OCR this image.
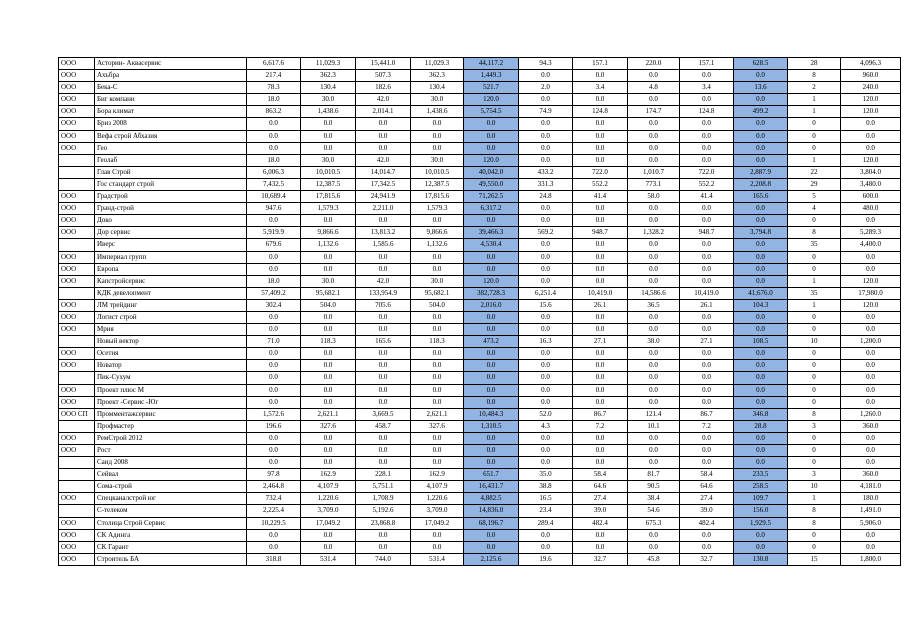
ООО	Асторин- Аквасервис	6,617.6	11,029.3	15,441.0	11,029.3	44,117.2	94.3	157.1	220.0	157.1	628.5	28	4,096.3
ООО	Ахъбра	217.4	362.3	507.3	362.3	1,449.3	0.0	0.0	0.0	0.0	0.0	8	960.0
ООО	Бека-С	78.3	130.4	182.6	130.4	521.7	2.0	3.4	4.8	3.4	13.6	2	240.0
ООО	Биг компани	18.0	30.0	42.0	30.0	120.0	0.0	0.0	0.0	0.0	0.0	1	120.0
ООО	Бора климат	863.2	1,438.6	2,014.1	1,438.6	5,754.5	74.9	124.8	174.7	124.8	499.2	1	120.0
ООО	Бриз 2008	0.0	0.0	0.0	0.0	0.0	0.0	0.0	0.0	0.0	0.0	0	0.0
ООО	Вефа строй Абхазия	0.0	0.0	0.0	0.0	0.0	0.0	0.0	0.0	0.0	0.0	0	0.0
ООО	Гео	0.0	0.0	0.0	0.0	0.0	0.0	0.0	0.0	0.0	0.0	0	0.0
	Геолаб	18.0	30.0	42.0	30.0	120.0	0.0	0.0	0.0	0.0	0.0	1	120.0
	Глав Строй	6,006.3	10,010.5	14,014.7	10,010.5	40,042.0	433.2	722.0	1,010.7	722.0	2,887.9	22	3,804.0
	Гос стандарт строй	7,432.5	12,387.5	17,342.5	12,387.5	49,550.0	331.3	552.2	773.1	552.2	2,208.8	29	3,480.0
ООО	Градстрой	10,689.4	17,815.6	24,941.9	17,815.6	71,262.5	24.8	41.4	58.0	41.4	165.6	5	600.0
ООО	Гранд-строй	947.6	1,579.3	2,211.0	1,579.3	6,317.2	0.0	0.0	0.0	0.0	0.0	4	480.0
ООО	Доко	0.0	0.0	0.0	0.0	0.0	0.0	0.0	0.0	0.0	0.0	0	0.0
ООО	Дор сервис	5,919.9	9,866.6	13,813.2	9,866.6	39,466.3	569.2	948.7	1,328.2	948.7	3,794.8	8	5,289.3
	Иверс	679.6	1,132.6	1,585.6	1,132.6	4,530.4	0.0	0.0	0.0	0.0	0.0	35	4,400.0
ООО	Империал групп	0.0	0.0	0.0	0.0	0.0	0.0	0.0	0.0	0.0	0.0	0	0.0
ООО	Европа	0.0	0.0	0.0	0.0	0.0	0.0	0.0	0.0	0.0	0.0	0	0.0
ООО	Капстройсервис	18.0	30.0	42.0	30.0	120.0	0.0	0.0	0.0	0.0	0.0	1	120.0
	КДК девелопмент	57,409.2	95,682.1	133,954.9	95,682.1	382,728.3	6,251.4	10,419.0	14,586.6	10,419.0	41,676.0	35	17,980.0
ООО	ЛМ трейдинг	302.4	504.0	705.6	504.0	2,016.0	15.6	26.1	36.5	26.1	104.3	1	120.0
ООО	Логист строй	0.0	0.0	0.0	0.0	0.0	0.0	0.0	0.0	0.0	0.0	0	0.0
ООО	Мрия	0.0	0.0	0.0	0.0	0.0	0.0	0.0	0.0	0.0	0.0	0	0.0
	Новый вектор	71.0	118.3	165.6	118.3	473.2	16.3	27.1	38.0	27.1	108.5	10	1,200.0
ООО	Осетия	0.0	0.0	0.0	0.0	0.0	0.0	0.0	0.0	0.0	0.0	0	0.0
ООО	Новатор	0.0	0.0	0.0	0.0	0.0	0.0	0.0	0.0	0.0	0.0	0	0.0
	Пик-Сухум	0.0	0.0	0.0	0.0	0.0	0.0	0.0	0.0	0.0	0.0	0	0.0
ООО	Проект плюс М	0.0	0.0	0.0	0.0	0.0	0.0	0.0	0.0	0.0	0.0	0	0.0
ООО	Проект -Сервис -Юг	0.0	0.0	0.0	0.0	0.0	0.0	0.0	0.0	0.0	0.0	0	0.0
ООО СП	Промментажсервис	1,572.6	2,621.1	3,669.5	2,621.1	10,484.3	52.0	86.7	121.4	86.7	346.8	8	1,260.0
	Профмастер	196.6	327.6	458.7	327.6	1,310.5	4.3	7.2	10.1	7.2	28.8	3	360.0
ООО	РемСтрой 2012	0.0	0.0	0.0	0.0	0.0	0.0	0.0	0.0	0.0	0.0	0	0.0
ООО	Рост	0.0	0.0	0.0	0.0	0.0	0.0	0.0	0.0	0.0	0.0	0	0.0
	Санд 2008	0.0	0.0	0.0	0.0	0.0	0.0	0.0	0.0	0.0	0.0	0	0.0
	Сейвал	97.8	162.9	228.1	162.9	651.7	35.0	58.4	81.7	58.4	233.5	3	360.0
	Сома-строй	2,464.8	4,107.9	5,751.1	4,107.9	16,431.7	38.8	64.6	90.5	64.6	258.5	10	4,181.0
ООО	Спецканалстрой юг	732.4	1,220.6	1,708.9	1,220.6	4,882.5	16.5	27.4	38.4	27.4	109.7	1	180.0
	С-телеком	2,225.4	3,709.0	5,192.6	3,709.0	14,836.0	23.4	39.0	54.6	39.0	156.0	8	1,491.0
ООО	Столица Строй Сервис	10,229.5	17,049.2	23,868.8	17,049.2	68,196.7	289.4	482.4	675.3	482.4	1,929.5	8	5,906.0
ООО	СК Адинга	0.0	0.0	0.0	0.0	0.0	0.0	0.0	0.0	0.0	0.0	0	0.0
ООО	СК Гарант	0.0	0.0	0.0	0.0	0.0	0.0	0.0	0.0	0.0	0.0	0	0.0
ООО	Строитель БА	318.8	531.4	744.0	531.4	2,125.6	19.6	32.7	45.8	32.7	130.8	15	1,800.0
